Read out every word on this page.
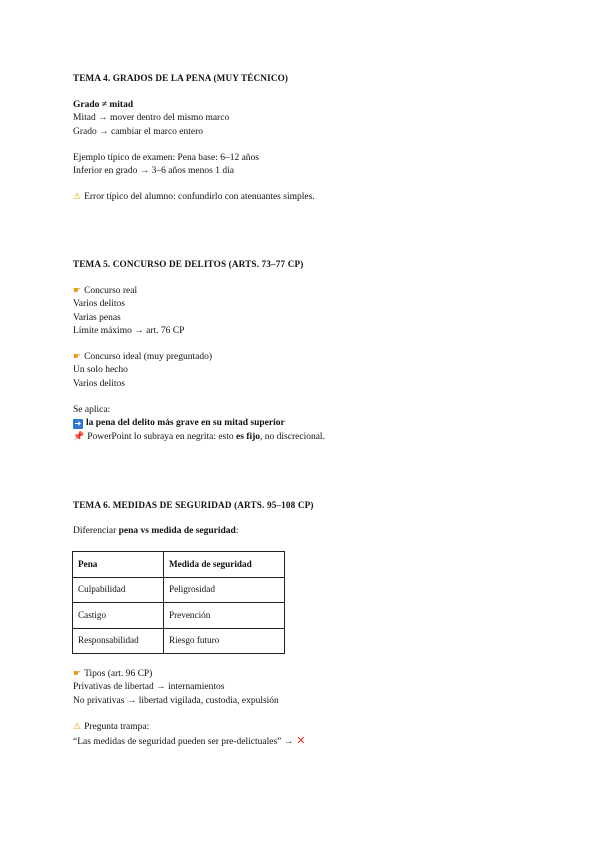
TEMA 4. GRADOS DE LA PENA (MUY TÉCNICO)
Grado ≠ mitad
Mitad → mover dentro del mismo marco
Grado → cambiar el marco entero
Ejemplo típico de examen: Pena base: 6–12 años
Inferior en grado → 3–6 años menos 1 día
⚠ Error típico del alumno: confundirlo con atenuantes simples.
TEMA 5. CONCURSO DE DELITOS (ARTS. 73–77 CP)
☛ Concurso real
Varios delitos
Varias penas
Límite máximo → art. 76 CP
☛ Concurso ideal (muy preguntado)
Un solo hecho
Varios delitos
Se aplica:
➜ la pena del delito más grave en su mitad superior
📌 PowerPoint lo subraya en negrita: esto es fijo, no discrecional.
TEMA 6. MEDIDAS DE SEGURIDAD (ARTS. 95–108 CP)
Diferenciar pena vs medida de seguridad:
Pena	Medida de seguridad
Culpabilidad	Peligrosidad
Castigo	Prevención
Responsabilidad	Riesgo futuro
☛ Tipos (art. 96 CP)
Privativas de libertad → internamientos
No privativas → libertad vigilada, custodia, expulsión
⚠ Pregunta trampa:
“Las medidas de seguridad pueden ser pre-delictuales” → ✕
